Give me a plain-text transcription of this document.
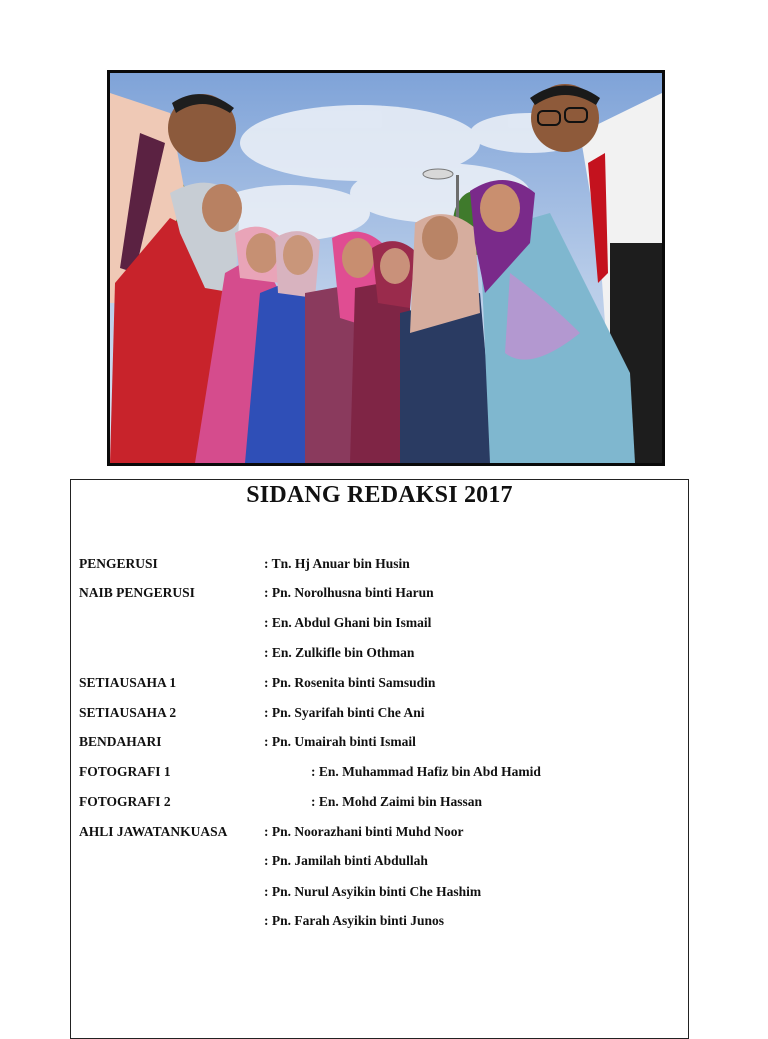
SIDANG REDAKSI 2017
PENGERUSI	: Tn. Hj Anuar bin Husin
NAIB PENGERUSI	: Pn. Norolhusna binti Harun
: En. Abdul Ghani bin Ismail
: En. Zulkifle bin Othman
SETIAUSAHA 1	: Pn. Rosenita binti Samsudin
SETIAUSAHA 2	: Pn. Syarifah binti Che Ani
BENDAHARI	: Pn. Umairah binti Ismail
FOTOGRAFI 1	: En. Muhammad Hafiz bin Abd Hamid
FOTOGRAFI 2	: En. Mohd Zaimi bin Hassan
AHLI JAWATANKUASA	: Pn. Noorazhani binti Muhd Noor
: Pn. Jamilah binti Abdullah
: Pn. Nurul Asyikin binti Che Hashim
: Pn. Farah Asyikin binti Junos
